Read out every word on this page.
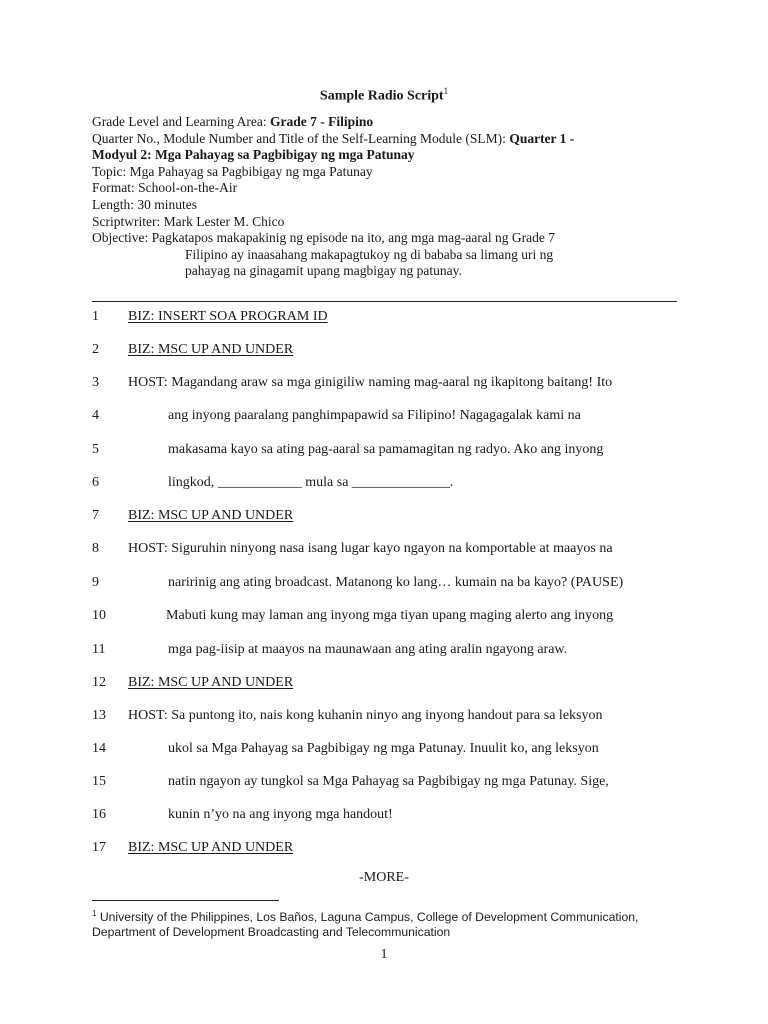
Sample Radio Script$^1$
Grade Level and Learning Area: Grade 7 - Filipino
Quarter No., Module Number and Title of the Self-Learning Module (SLM): Quarter 1 -
Modyul 2: Mga Pahayag sa Pagbibigay ng mga Patunay
Topic: Mga Pahayag sa Pagbibigay ng mga Patunay
Format: School-on-the-Air
Length: 30 minutes
Scriptwriter: Mark Lester M. Chico
Objective: Pagkatapos makapakinig ng episode na ito, ang mga mag-aaral ng Grade 7
Filipino ay inaasahang makapagtukoy ng di bababa sa limang uri ng
pahayag na ginagamit upang magbigay ng patunay.
1	BIZ: INSERT SOA PROGRAM ID
2	BIZ: MSC UP AND UNDER
3	HOST: Magandang araw sa mga ginigiliw naming mag-aaral ng ikapitong baitang! Ito
4	ang inyong paaralang panghimpapawid sa Filipino! Nagagagalak kami na
5	makasama kayo sa ating pag-aaral sa pamamagitan ng radyo. Ako ang inyong
6	lingkod, ____________ mula sa ______________.
7	BIZ: MSC UP AND UNDER
8	HOST: Siguruhin ninyong nasa isang lugar kayo ngayon na komportable at maayos na
9	naririnig ang ating broadcast. Matanong ko lang… kumain na ba kayo? (PAUSE)
10	Mabuti kung may laman ang inyong mga tiyan upang maging alerto ang inyong
11	mga pag-iisip at maayos na maunawaan ang ating aralin ngayong araw.
12	BIZ: MSC UP AND UNDER
13	HOST: Sa puntong ito, nais kong kuhanin ninyo ang inyong handout para sa leksyon
14	ukol sa Mga Pahayag sa Pagbibigay ng mga Patunay. Inuulit ko, ang leksyon
15	natin ngayon ay tungkol sa Mga Pahayag sa Pagbibigay ng mga Patunay. Sige,
16	kunin n’yo na ang inyong mga handout!
17	BIZ: MSC UP AND UNDER
-MORE-
$^1$ University of the Philippines, Los Baños, Laguna Campus, College of Development Communication,
Department of Development Broadcasting and Telecommunication
1
